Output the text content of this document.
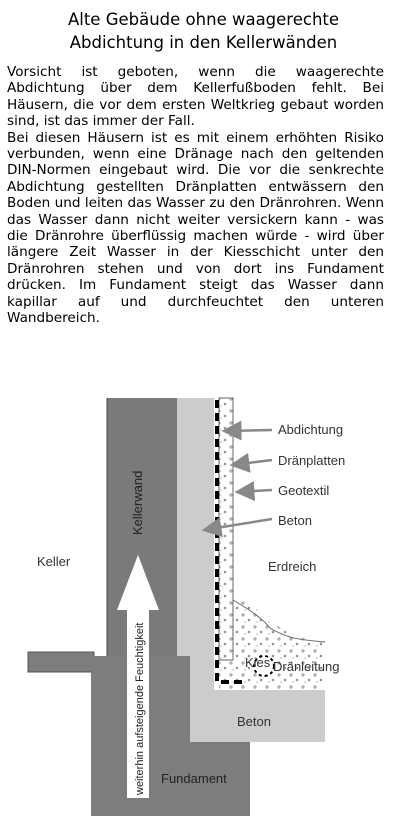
Alte Gebäude ohne waagerechte
Abdichtung in den Kellerwänden

Vorsicht ist geboten, wenn die waagerechte Abdichtung über dem Kellerfußboden fehlt. Bei Häusern, die vor dem ersten Weltkrieg gebaut worden sind, ist das immer der Fall.

Bei diesen Häusern ist es mit einem erhöhten Risiko verbunden, wenn eine Dränage nach den geltenden DIN-Normen eingebaut wird. Die vor die senkrechte Abdichtung gestellten Dränplatten entwässern den Boden und leiten das Wasser zu den Dränrohren. Wenn das Wasser dann nicht weiter versickern kann - was die Dränrohre überflüssig machen würde - wird über längere Zeit Wasser in der Kiesschicht unter den Dränrohren stehen und von dort ins Fundament drücken. Im Fundament steigt das Wasser dann kapillar auf und durchfeuchtet den unteren Wandbereich.

Abdichtung
Dränplatten
Geotextil
Beton
Erdreich
Keller
Kellerwand
weiterhin aufsteigende Feuchtigkeit	Kies Dränleitung
Beton
Fundament
